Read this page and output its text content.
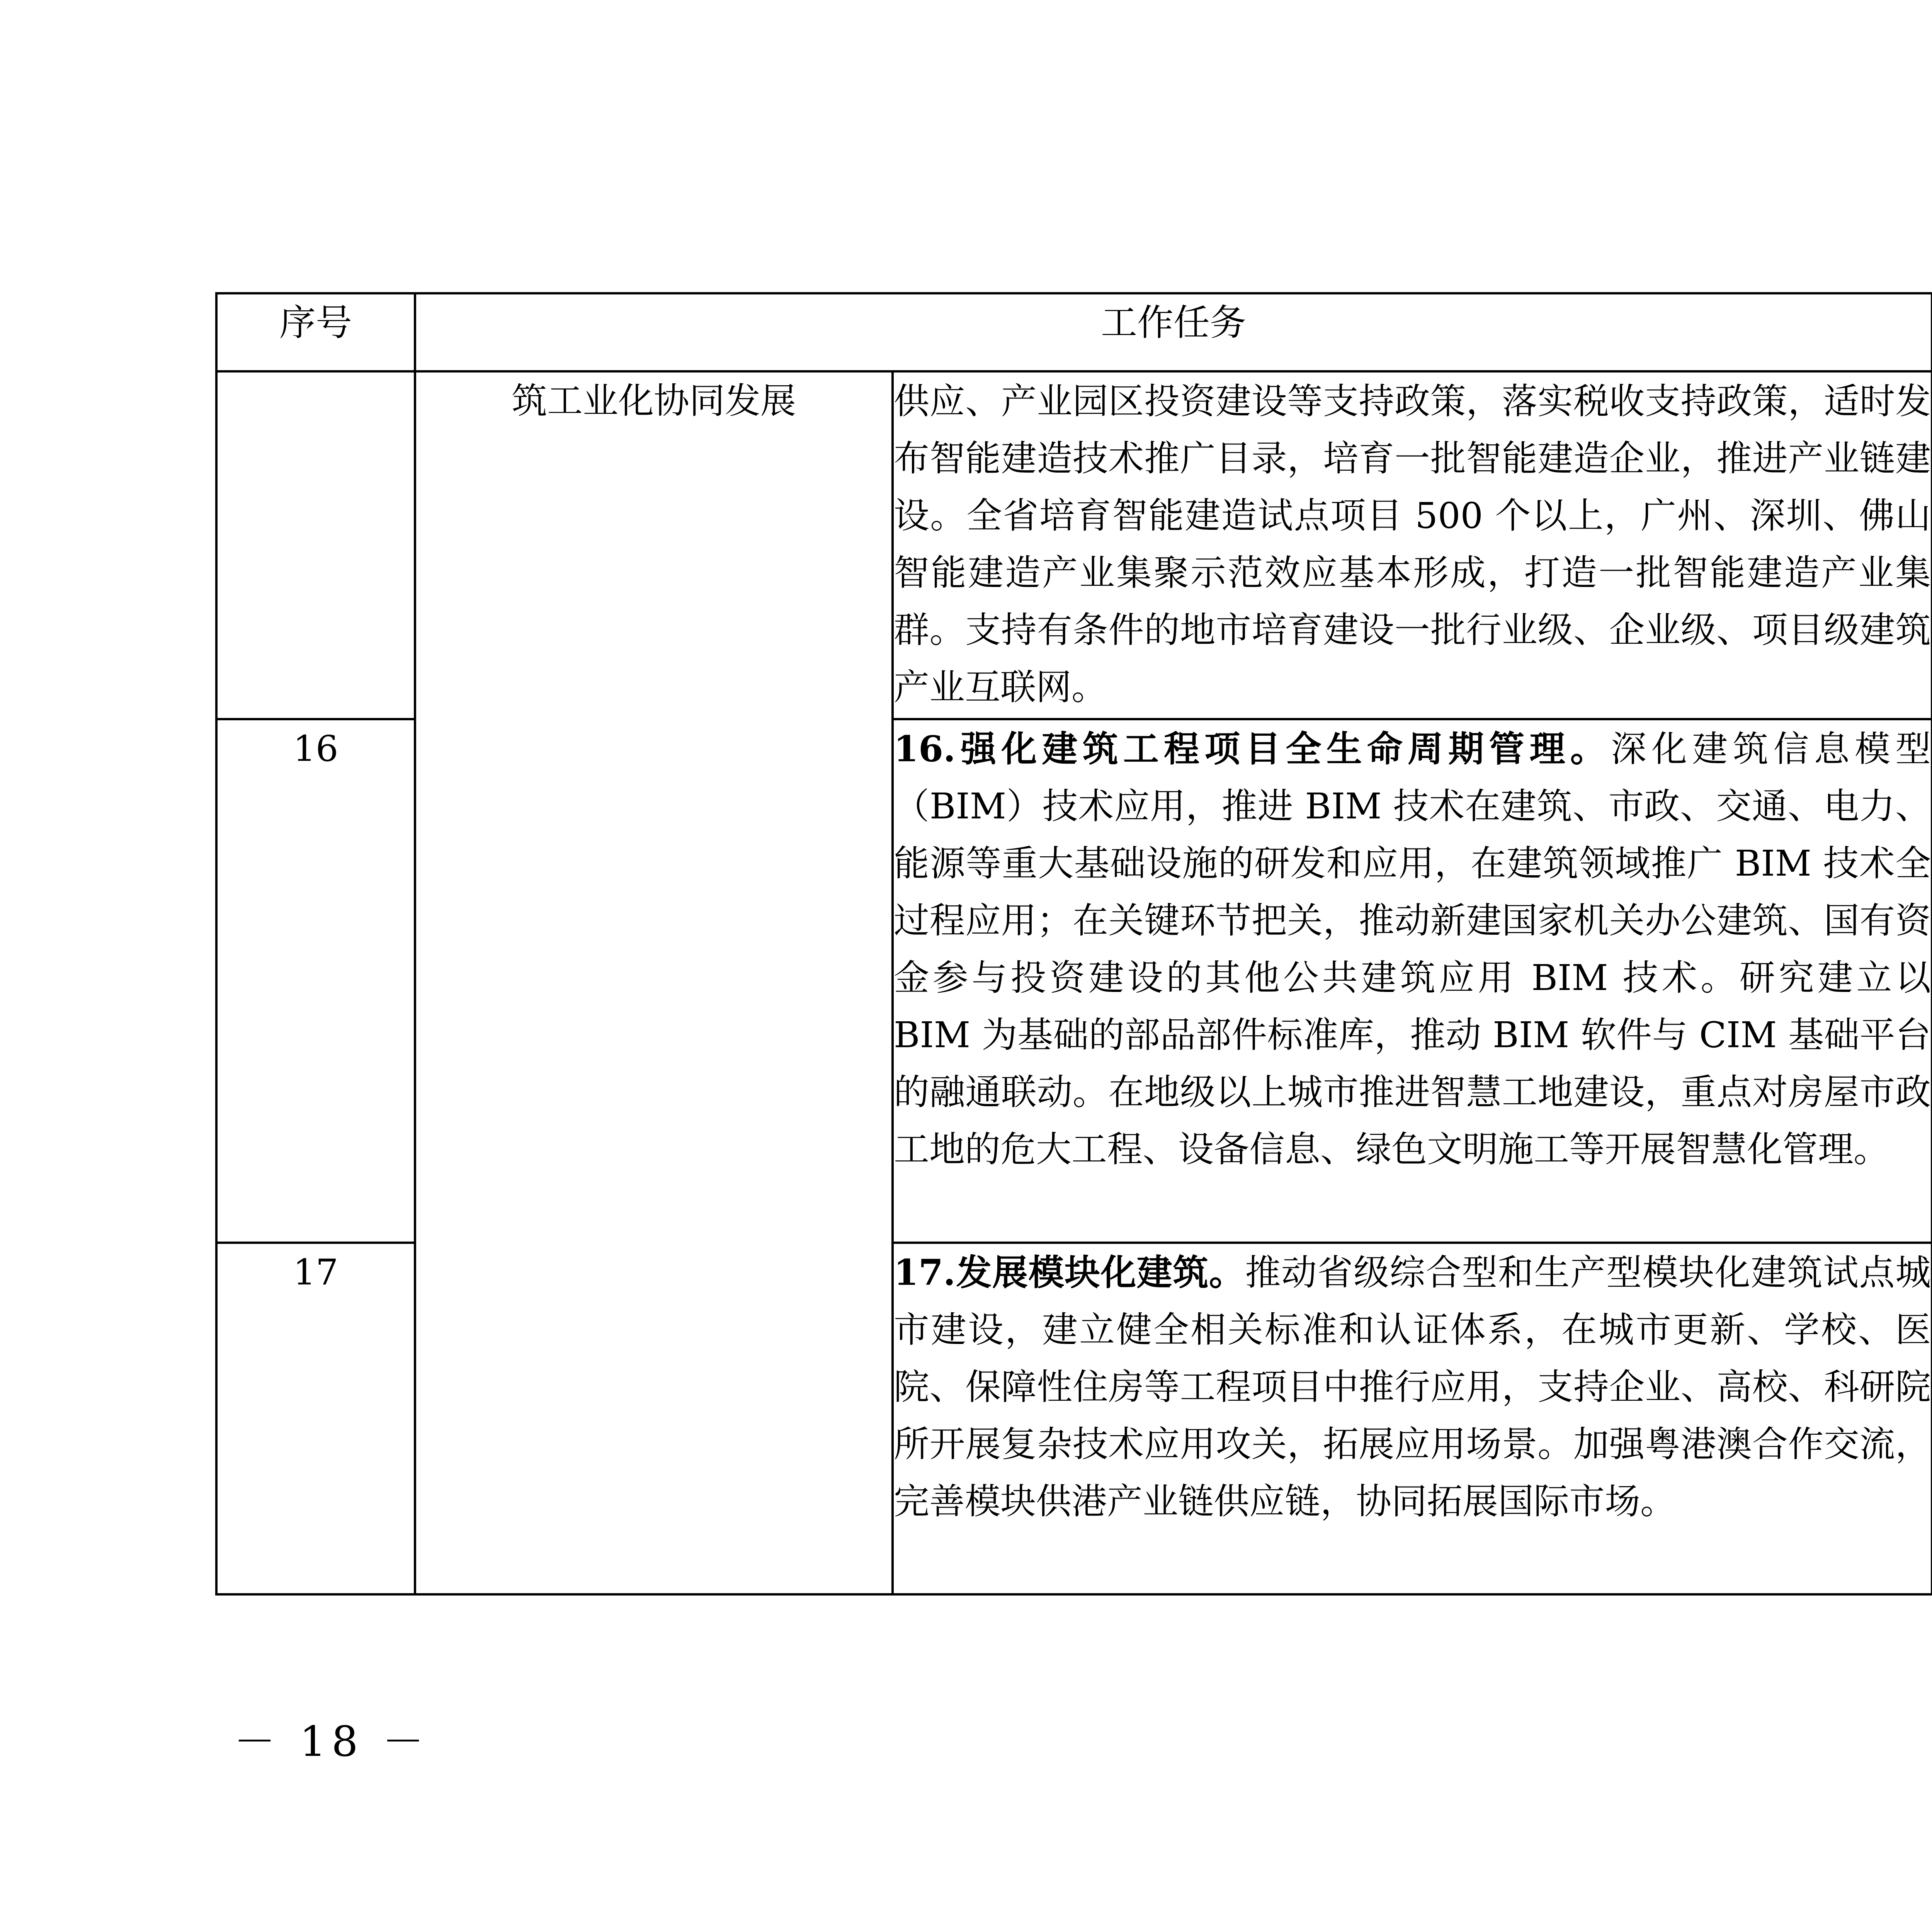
序号	工作任务	
	筑工业化协同发展	供应、产业园区投资建设等支持政策，落实税收支持政策，适时发布智能建造技术推广目录，培育一批智能建造企业，推进产业链建设。全省培育智能建造试点项目 500 个以上，广州、深圳、佛山智能建造产业集聚示范效应基本形成，打造一批智能建造产业集群。支持有条件的地市培育建设一批行业级、企业级、项目级建筑产业互联网。	
16		16.强化建筑工程项目全生命周期管理。深化建筑信息模型（BIM）技术应用，推进 BIM 技术在建筑、市政、交通、电力、能源等重大基础设施的研发和应用，在建筑领域推广 BIM 技术全过程应用；在关键环节把关，推动新建国家机关办公建筑、国有资金参与投资建设的其他公共建筑应用 BIM 技术。研究建立以 BIM 为基础的部品部件标准库，推动 BIM 软件与 CIM 基础平台的融通联动。在地级以上城市推进智慧工地建设，重点对房屋市政工地的危大工程、设备信息、绿色文明施工等开展智慧化管理。	
17		17.发展模块化建筑。推动省级综合型和生产型模块化建筑试点城市建设，建立健全相关标准和认证体系，在城市更新、学校、医院、保障性住房等工程项目中推行应用，支持企业、高校、科研院所开展复杂技术应用攻关，拓展应用场景。加强粤港澳合作交流，完善模块供港产业链供应链，协同拓展国际市场。	
－ 18 －
